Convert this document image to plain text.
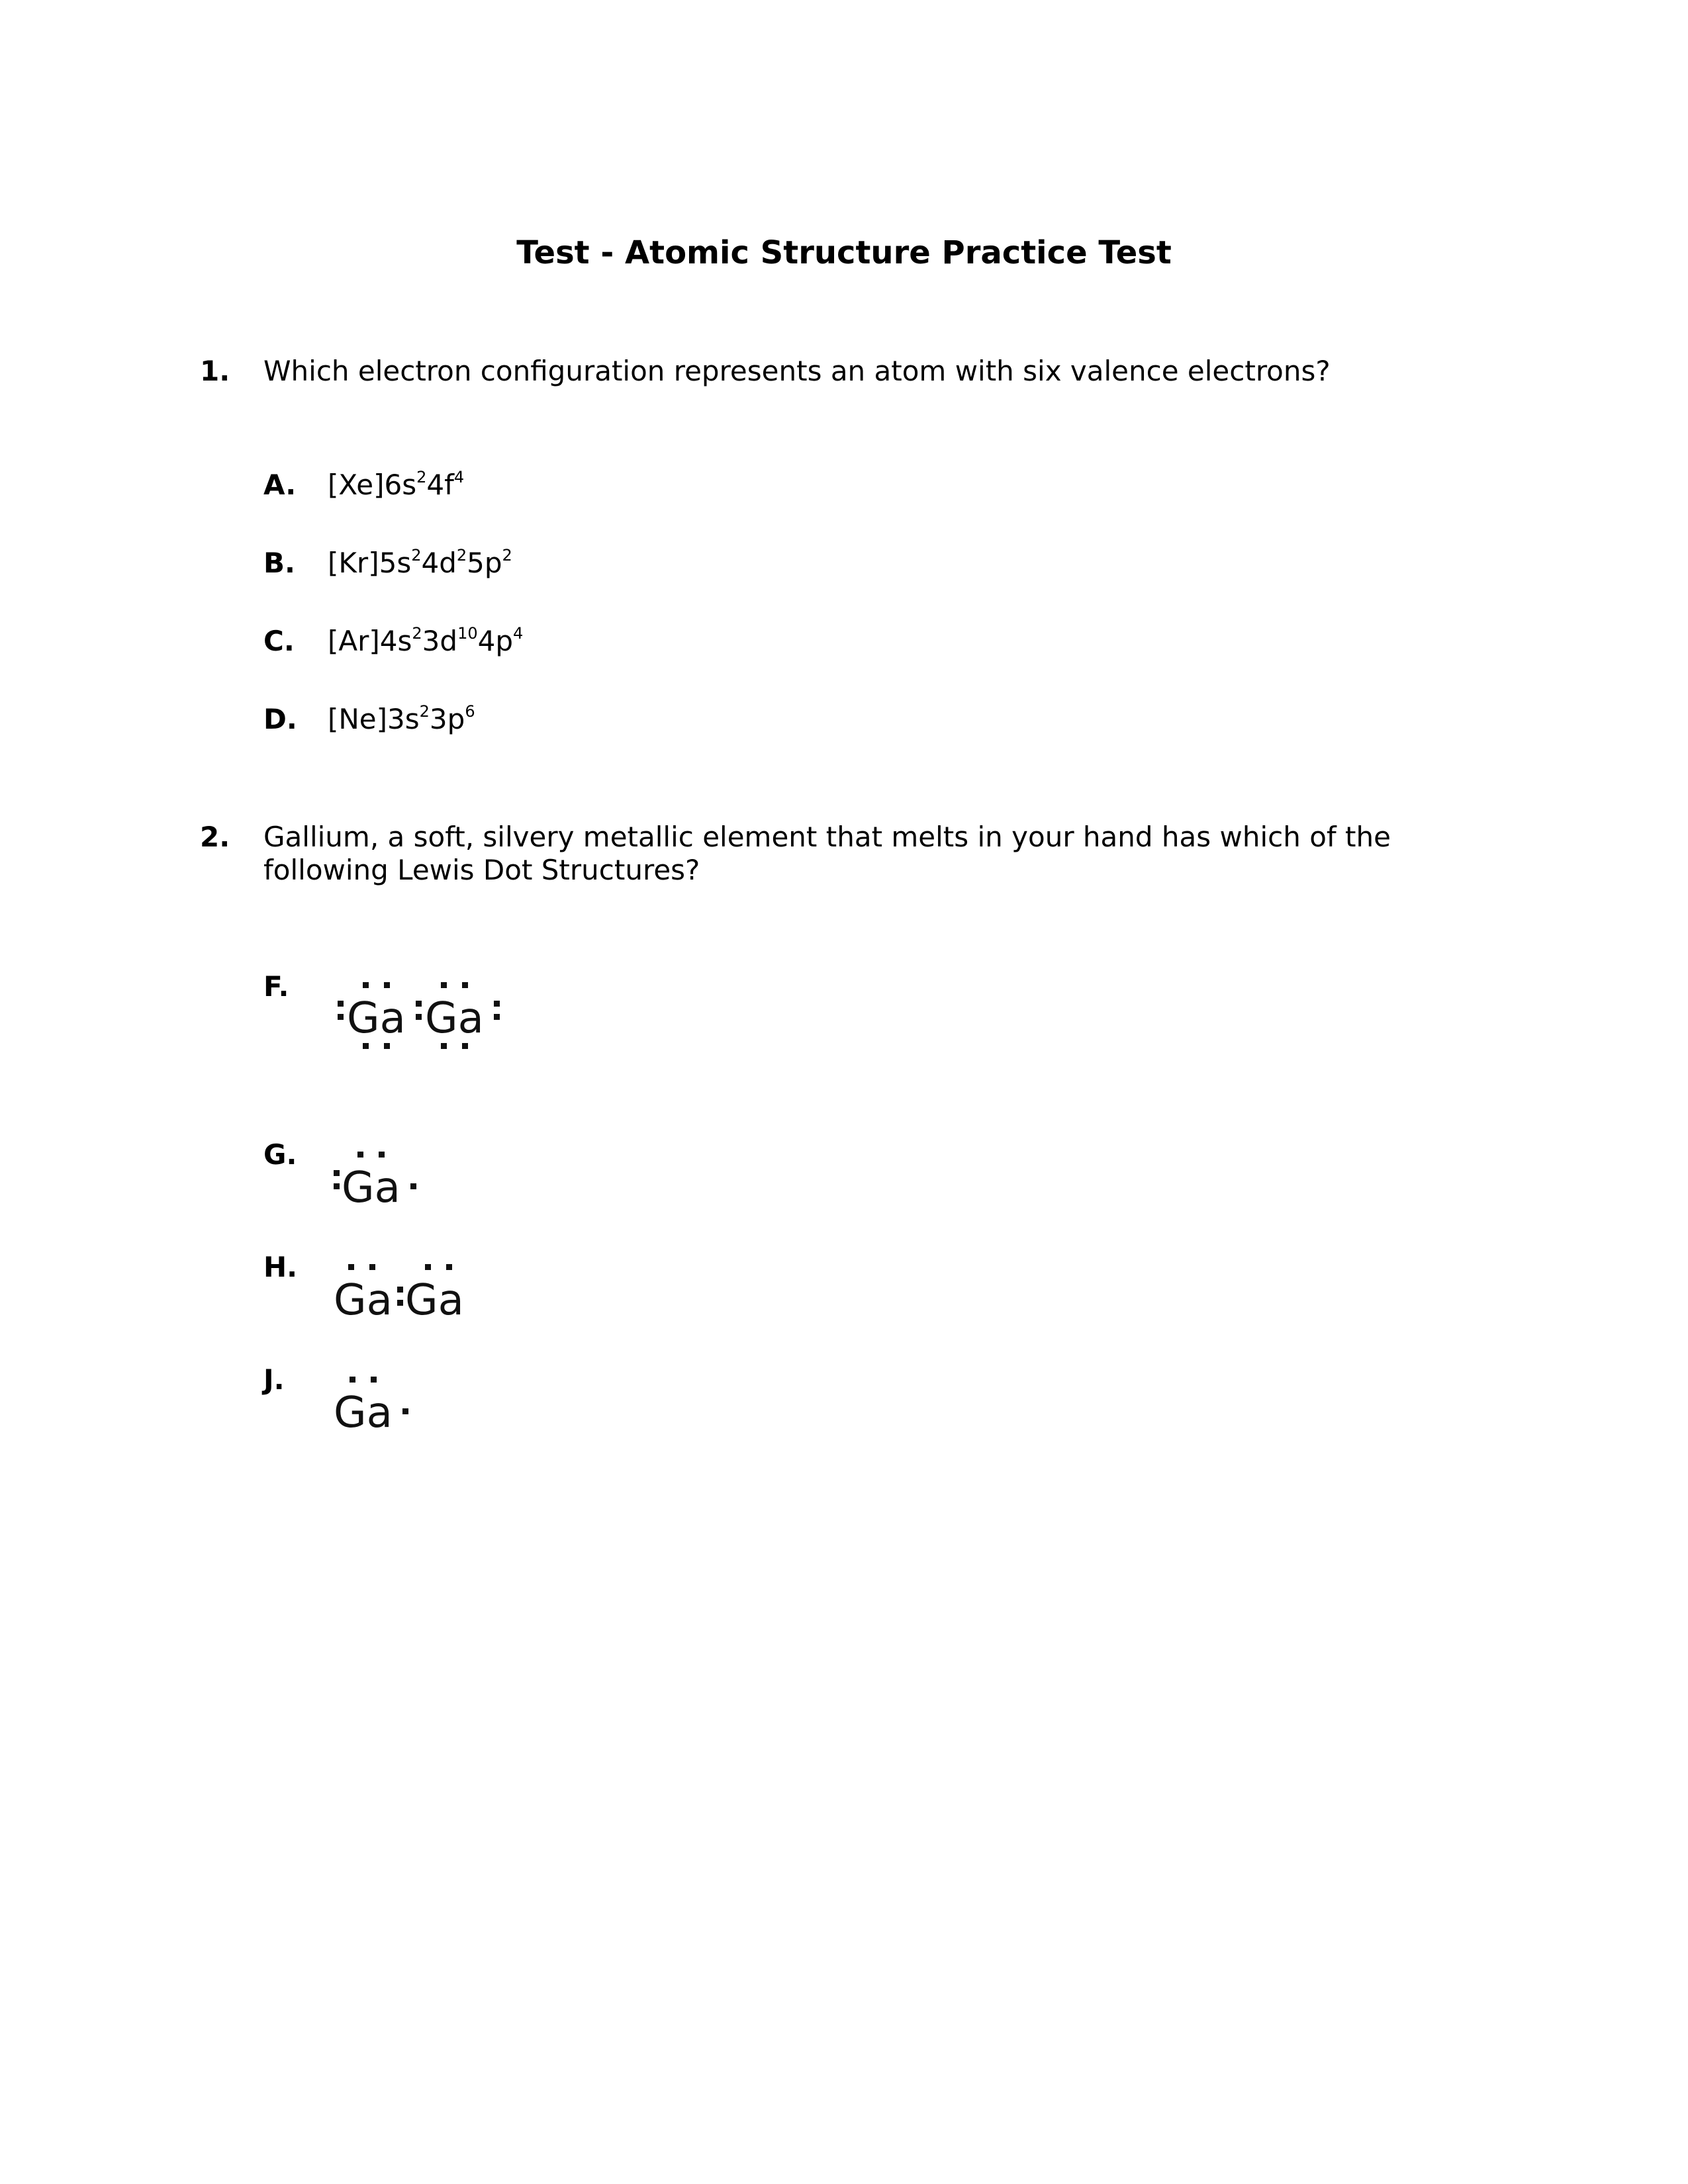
Test - Atomic Structure Practice Test
1. Which electron configuration represents an atom with six valence electrons?
A. $[Xe]6s^24f^4$
B. $[Kr]5s^24d^25p^2$
C. $[Ar]4s^23d^{10}4p^4$
D. $[Ne]3s^23p^6$
2. Gallium, a soft, silvery metallic element that melts in your hand has which of the following Lewis Dot Structures?
F.
Ga Ga
G.
Ga
H.
Ga Ga
J.
Ga
